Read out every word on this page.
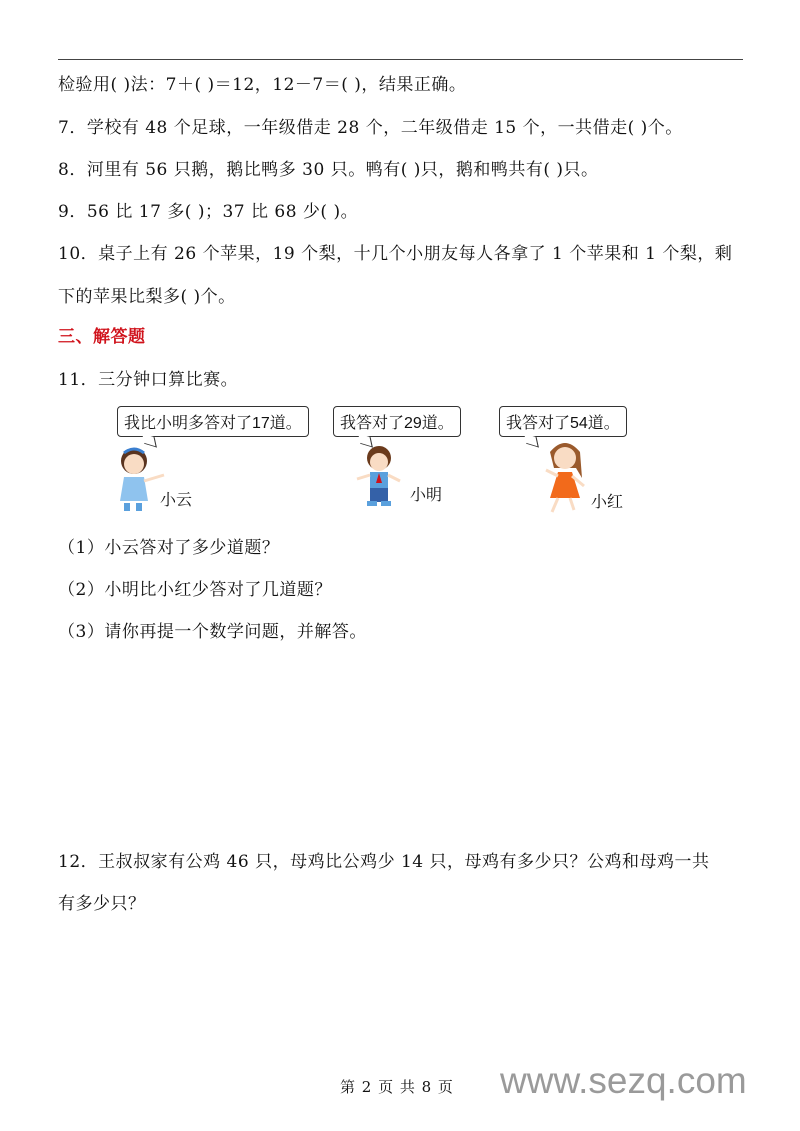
检验用( )法：7＋( )＝12，12－7＝( )，结果正确。
7．学校有 48 个足球，一年级借走 28 个，二年级借走 15 个，一共借走( )个。
8．河里有 56 只鹅，鹅比鸭多 30 只。鸭有( )只，鹅和鸭共有( )只。
9．56 比 17 多( )；37 比 68 少( )。
10．桌子上有 26 个苹果，19 个梨，十几个小朋友每人各拿了 1 个苹果和 1 个梨，剩
下的苹果比梨多( )个。
三、解答题
11．三分钟口算比赛。
我比小明多答对了17道。	我答对了29道。	我答对了54道。
小云	小明	小红
（1）小云答对了多少道题？
（2）小明比小红少答对了几道题？
（3）请你再提一个数学问题，并解答。
12．王叔叔家有公鸡 46 只，母鸡比公鸡少 14 只，母鸡有多少只？公鸡和母鸡一共
有多少只？
第 2 页 共 8 页 www.sezq.com
